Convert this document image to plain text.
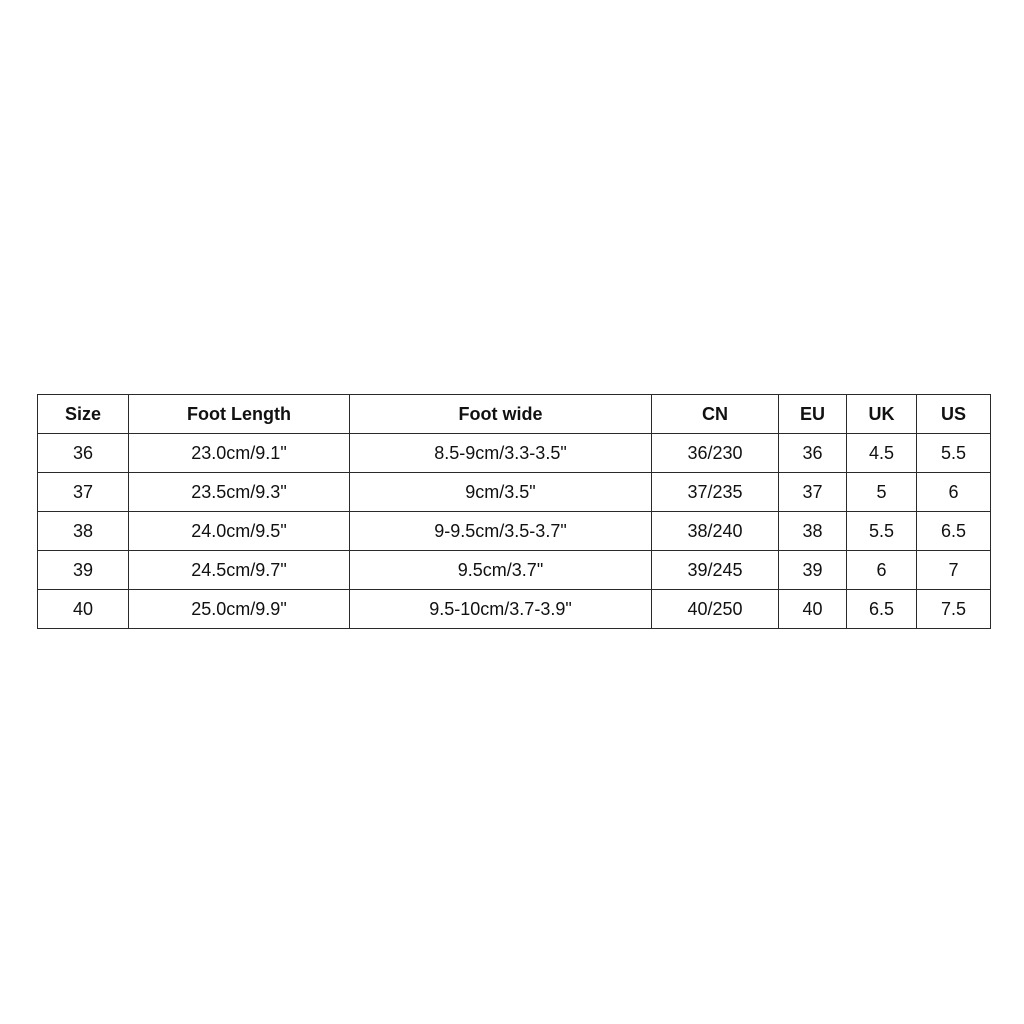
Size	Foot Length	Foot wide	CN	EU	UK	US
36	23.0cm/9.1"	8.5-9cm/3.3-3.5"	36/230	36	4.5	5.5
37	23.5cm/9.3"	9cm/3.5"	37/235	37	5	6
38	24.0cm/9.5"	9-9.5cm/3.5-3.7"	38/240	38	5.5	6.5
39	24.5cm/9.7"	9.5cm/3.7"	39/245	39	6	7
40	25.0cm/9.9"	9.5-10cm/3.7-3.9"	40/250	40	6.5	7.5
